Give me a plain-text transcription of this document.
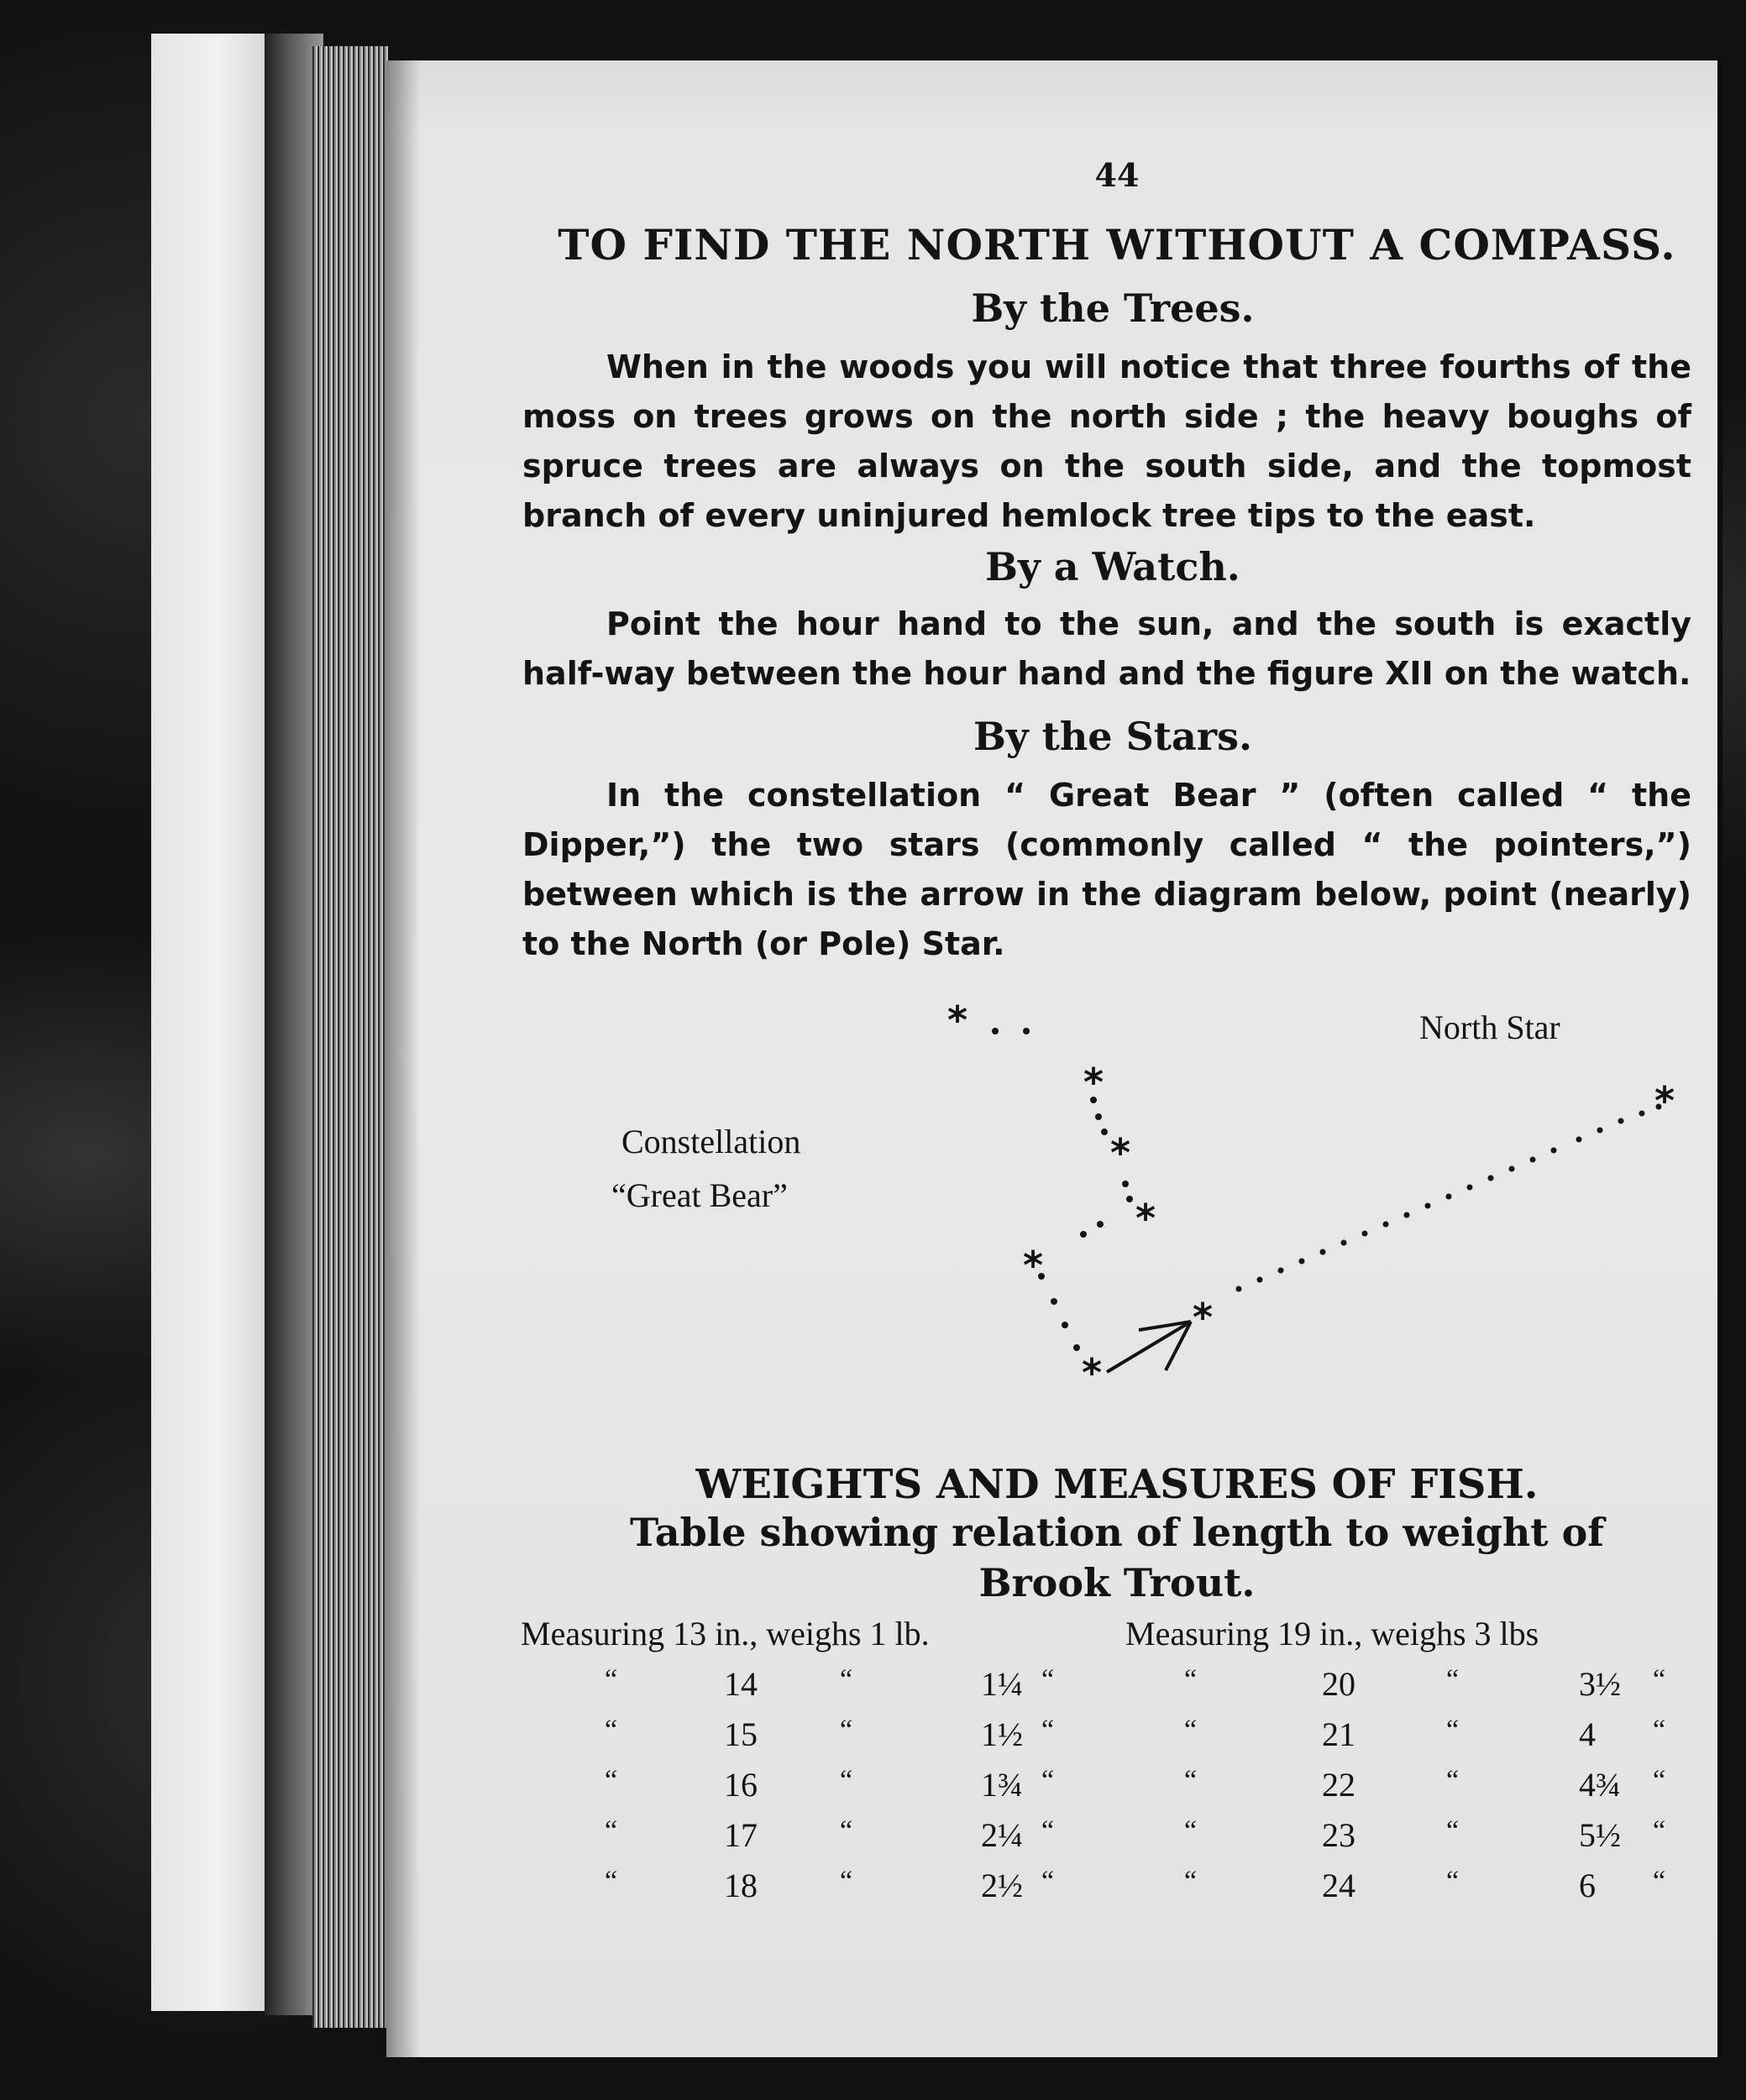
44
TO FIND THE NORTH WITHOUT A COMPASS.
By the Trees.
When in the woods you will notice that three fourths of the moss on trees grows on the north side ; the heavy boughs of spruce trees are always on the south side, and the topmost branch of every uninjured hemlock tree tips to the east.
By a Watch.
Point the hour hand to the sun, and the south is exactly half-way between the hour hand and the figure XII on the watch.
By the Stars.
In the constellation “ Great Bear ” (often called “ the Dipper,”) the two stars (commonly called “ the pointers,”) between which is the arrow in the diagram below, point (nearly) to the North (or Pole) Star.
North Star
Constellation
“Great Bear”
*
*
*
*
*
*
*
*
WEIGHTS AND MEASURES OF FISH.
Table showing relation of length to weight of
Brook Trout.
Measuring 13 in., weighs 1 lb.	Measuring 19 in., weighs 3 lbs
“	14	“	1¼ “	“	20	“	3½ “
“	15	“	1½ “	“	21	“	4 “
“	16	“	1¾ “	“	22	“	4¾ “
“	17	“	2¼ “	“	23	“	5½ “
“	18	“	2½ “	“	24	“	6 “
